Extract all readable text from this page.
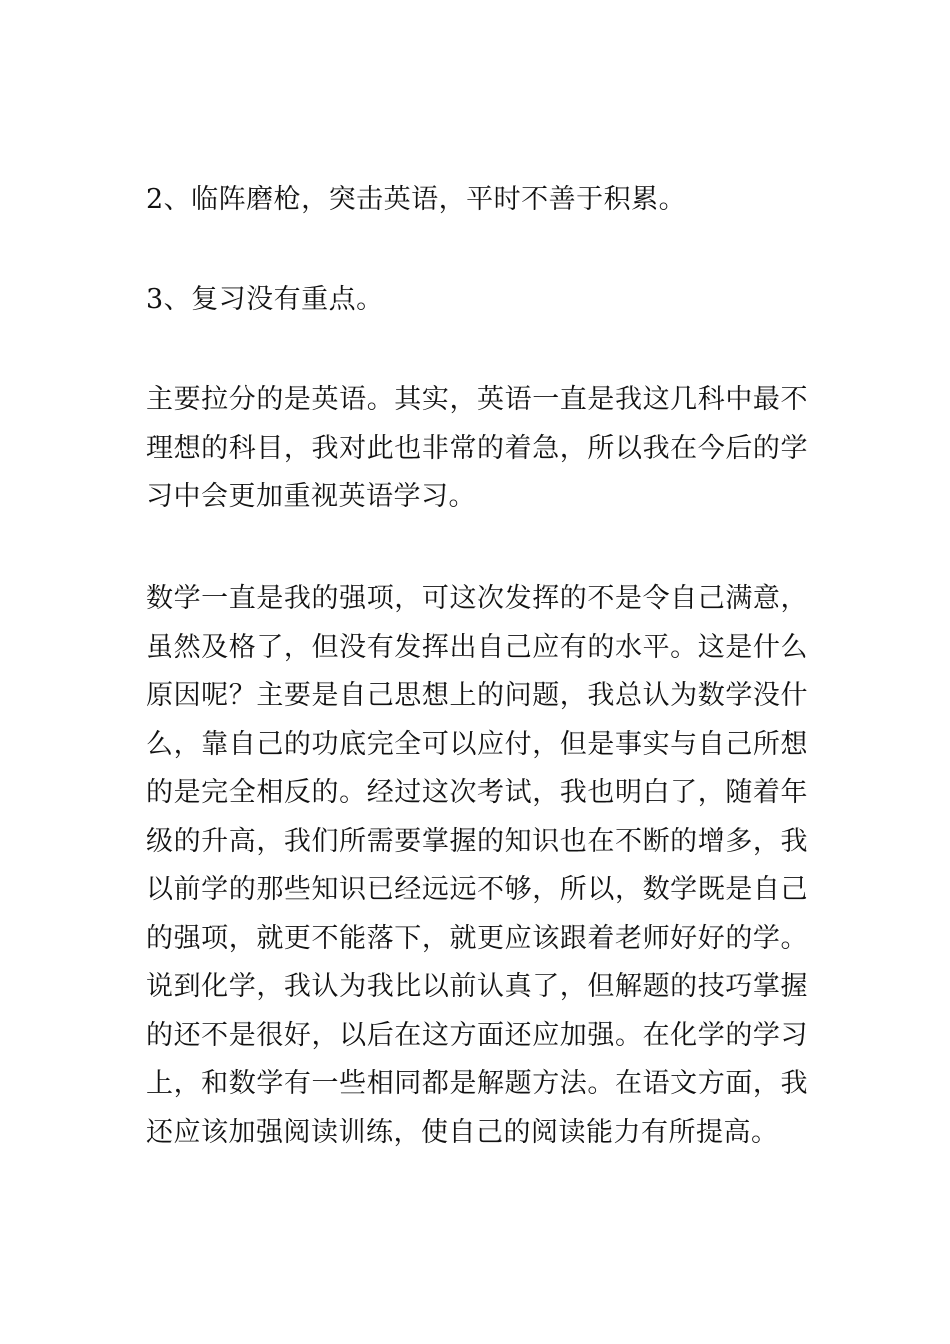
2、临阵磨枪，突击英语，平时不善于积累。

3、复习没有重点。

主要拉分的是英语。其实，英语一直是我这几科中最不理想的科目，我对此也非常的着急，所以我在今后的学习中会更加重视英语学习。

数学一直是我的强项，可这次发挥的不是令自己满意，虽然及格了，但没有发挥出自己应有的水平。这是什么原因呢？主要是自己思想上的问题，我总认为数学没什么，靠自己的功底完全可以应付，但是事实与自己所想的是完全相反的。经过这次考试，我也明白了，随着年级的升高，我们所需要掌握的知识也在不断的增多，我以前学的那些知识已经远远不够，所以，数学既是自己的强项，就更不能落下，就更应该跟着老师好好的学。说到化学，我认为我比以前认真了，但解题的技巧掌握的还不是很好，以后在这方面还应加强。在化学的学习上，和数学有一些相同都是解题方法。在语文方面，我还应该加强阅读训练，使自己的阅读能力有所提高。
